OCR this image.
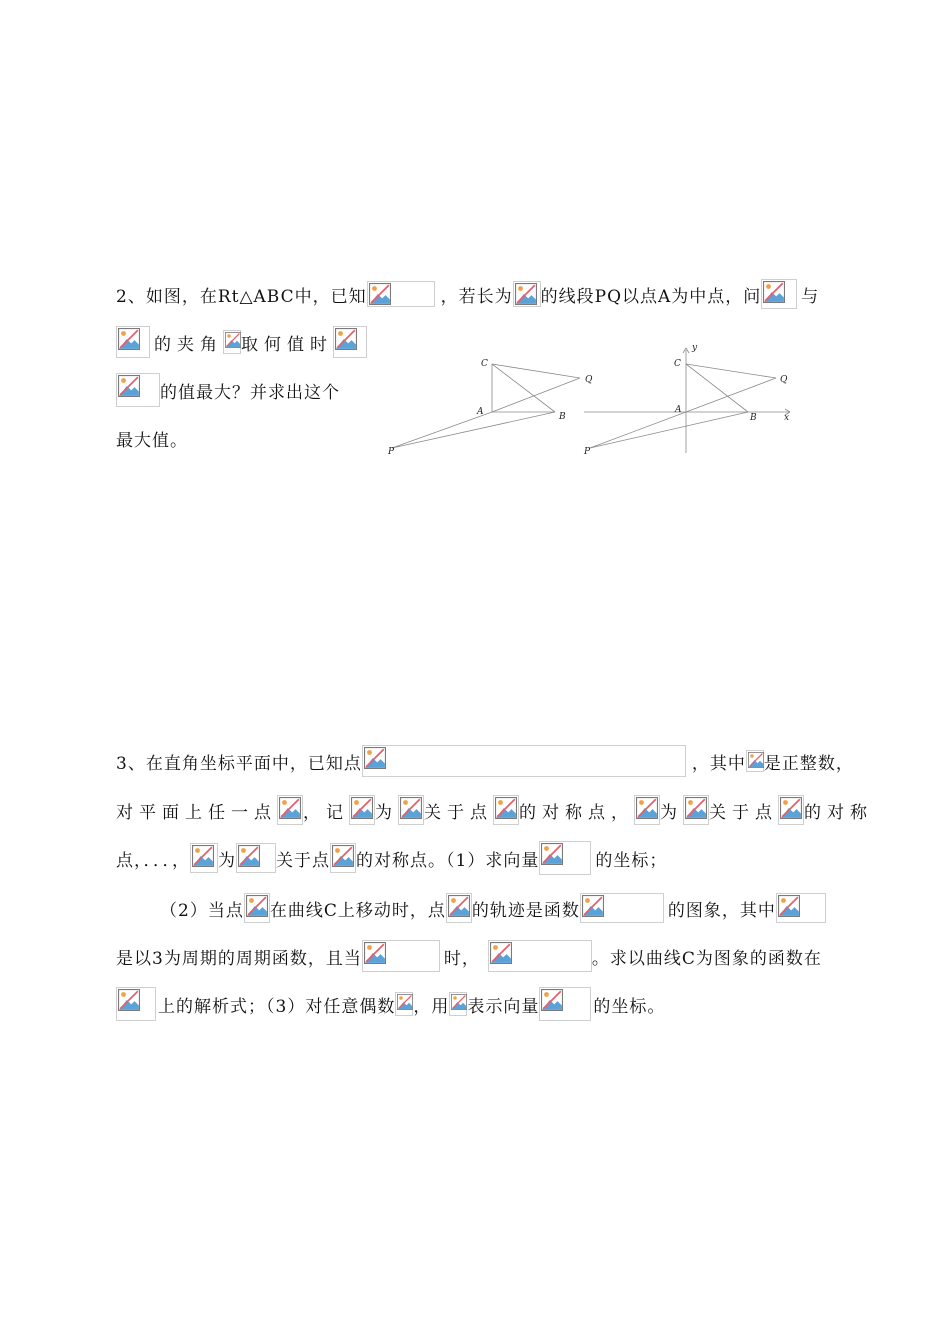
2、如图，在Rt△ABC中，已知	，若长为 的线段PQ以点A为中点，问 与
的夹角 取何值时
的值最大？并求出这个
最大值。
C
Q
A	B
P
y
C
Q
A
B	x
P
3、在直角坐标平面中，已知点	，其中 是正整数，
对平面上任一点 ，记 为 关于点 的对称点， 为 关于点 的对称
点，．．．， 为 关于点 的对称点。（1）求向量	的坐标；
（2）当点 在曲线C上移动时，点 的轨迹是函数	的图象，其中
是以3为周期的周期函数，且当	时，	。求以曲线C为图象的函数在
上的解析式；（3）对任意偶数 ，用 表示向量	的坐标。
